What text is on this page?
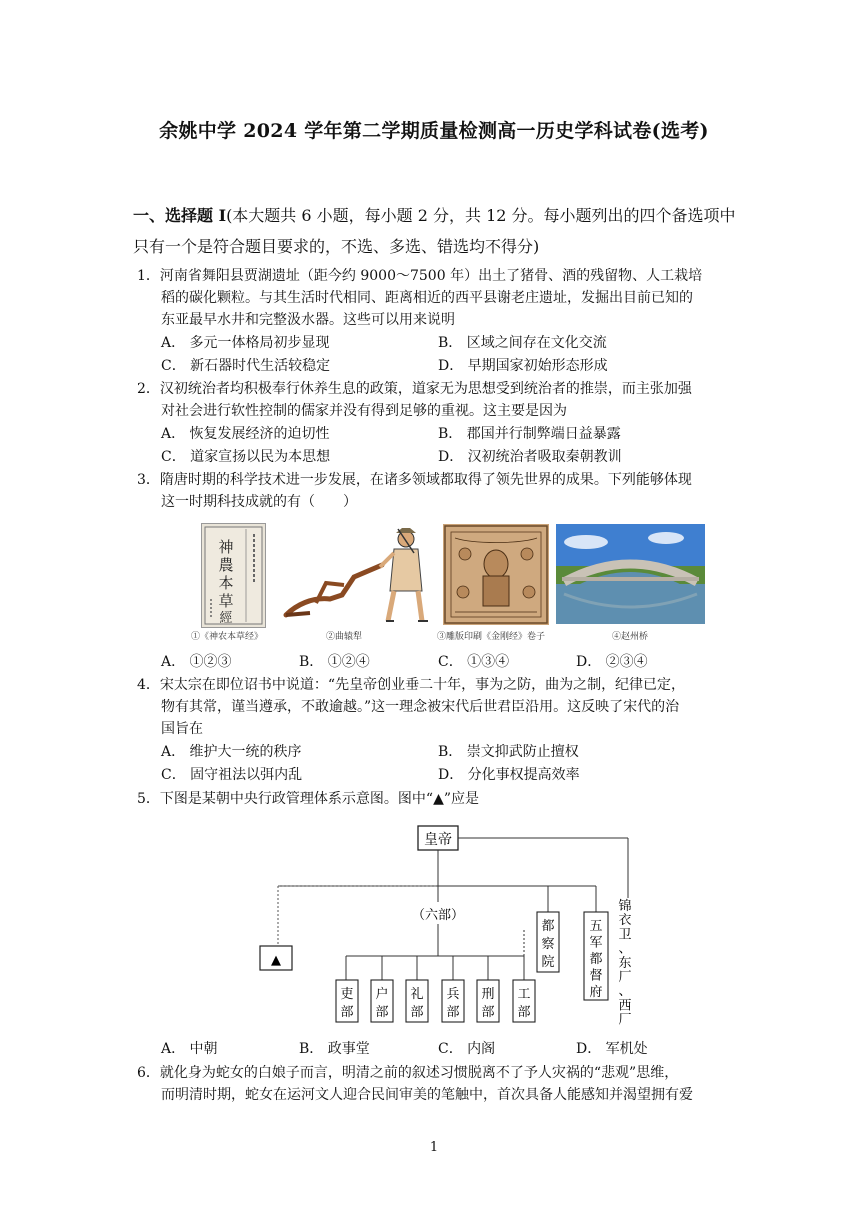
余姚中学 2024 学年第二学期质量检测高一历史学科试卷(选考)
一、选择题 I(本大题共 6 小题，每小题 2 分，共 12 分。每小题列出的四个备选项中只有一个是符合题目要求的，不选、多选、错选均不得分)
1．河南省舞阳县贾湖遗址（距今约 9000～7500 年）出土了猪骨、酒的残留物、人工栽培
稻的碳化颗粒。与其生活时代相同、距离相近的西平县谢老庄遗址，发掘出目前已知的
东亚最早水井和完整汲水器。这些可以用来说明
A． 多元一体格局初步显现	B． 区域之间存在文化交流
C． 新石器时代生活较稳定	D． 早期国家初始形态形成
2．汉初统治者均积极奉行休养生息的政策，道家无为思想受到统治者的推崇，而主张加强
对社会进行软性控制的儒家并没有得到足够的重视。这主要是因为
A． 恢复发展经济的迫切性	B． 郡国并行制弊端日益暴露
C． 道家宣扬以民为本思想	D． 汉初统治者吸取秦朝教训
3．隋唐时期的科学技术进一步发展，在诸多领域都取得了领先世界的成果。下列能够体现
这一时期科技成就的有（　　）
神
農
本
草
經
①《神农本草经》	②曲辕犁	③雕版印刷《金刚经》卷子	④赵州桥
A． ①②③	B． ①②④	C． ①③④	D． ②③④
4．宋太宗在即位诏书中说道：“先皇帝创业垂二十年，事为之防，曲为之制，纪律已定，
物有其常，谨当遵承，不敢逾越。”这一理念被宋代后世君臣沿用。这反映了宋代的治
国旨在
A． 维护大一统的秩序	B． 崇文抑武防止擅权
C． 固守祖法以弭内乱	D． 分化事权提高效率
5．下图是某朝中央行政管理体系示意图。图中“▲”应是
皇帝
▲
（六部）
吏
部
户
部
礼
部
兵
部
刑
部
工
部
都
察
院
五
军
都
督
府
锦
衣
卫
、
东
厂
、
西
厂
A． 中朝	B． 政事堂	C． 内阁	D． 军机处
6．就化身为蛇女的白娘子而言，明清之前的叙述习惯脱离不了予人灾祸的“悲观”思维，
而明清时期，蛇女在运河文人迎合民间审美的笔触中，首次具备人能感知并渴望拥有爱
1
